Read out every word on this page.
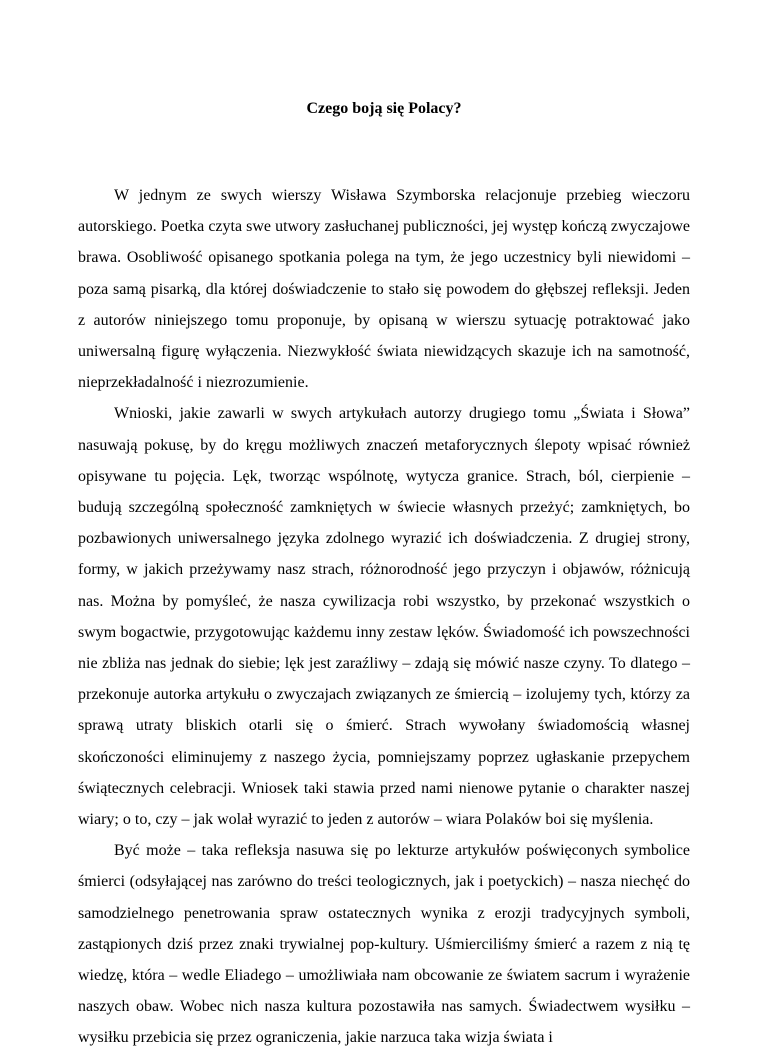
Czego boją się Polacy?

W jednym ze swych wierszy Wisława Szymborska relacjonuje przebieg wieczoru autorskiego. Poetka czyta swe utwory zasłuchanej publiczności, jej występ kończą zwyczajowe brawa. Osobliwość opisanego spotkania polega na tym, że jego uczestnicy byli niewidomi – poza samą pisarką, dla której doświadczenie to stało się powodem do głębszej refleksji. Jeden z autorów niniejszego tomu proponuje, by opisaną w wierszu sytuację potraktować jako uniwersalną figurę wyłączenia. Niezwykłość świata niewidzących skazuje ich na samotność, nieprzekładalność i niezrozumienie.

Wnioski, jakie zawarli w swych artykułach autorzy drugiego tomu „Świata i Słowa” nasuwają pokusę, by do kręgu możliwych znaczeń metaforycznych ślepoty wpisać również opisywane tu pojęcia. Lęk, tworząc wspólnotę, wytycza granice. Strach, ból, cierpienie – budują szczególną społeczność zamkniętych w świecie własnych przeżyć; zamkniętych, bo pozbawionych uniwersalnego języka zdolnego wyrazić ich doświadczenia. Z drugiej strony, formy, w jakich przeżywamy nasz strach, różnorodność jego przyczyn i objawów, różnicują nas. Można by pomyśleć, że nasza cywilizacja robi wszystko, by przekonać wszystkich o swym bogactwie, przygotowując każdemu inny zestaw lęków. Świadomość ich powszechności nie zbliża nas jednak do siebie; lęk jest zaraźliwy – zdają się mówić nasze czyny. To dlatego – przekonuje autorka artykułu o zwyczajach związanych ze śmiercią – izolujemy tych, którzy za sprawą utraty bliskich otarli się o śmierć. Strach wywołany świadomością własnej skończoności eliminujemy z naszego życia, pomniejszamy poprzez ugłaskanie przepychem świątecznych celebracji. Wniosek taki stawia przed nami nienowe pytanie o charakter naszej wiary; o to, czy – jak wolał wyrazić to jeden z autorów – wiara Polaków boi się myślenia.

Być może – taka refleksja nasuwa się po lekturze artykułów poświęconych symbolice śmierci (odsyłającej nas zarówno do treści teologicznych, jak i poetyckich) – nasza niechęć do samodzielnego penetrowania spraw ostatecznych wynika z erozji tradycyjnych symboli, zastąpionych dziś przez znaki trywialnej pop-kultury. Uśmierciliśmy śmierć a razem z nią tę wiedzę, która – wedle Eliadego – umożliwiała nam obcowanie ze światem sacrum i wyrażenie naszych obaw. Wobec nich nasza kultura pozostawiła nas samych. Świadectwem wysiłku – wysiłku przebicia się przez ograniczenia, jakie narzuca taka wizja świata i
